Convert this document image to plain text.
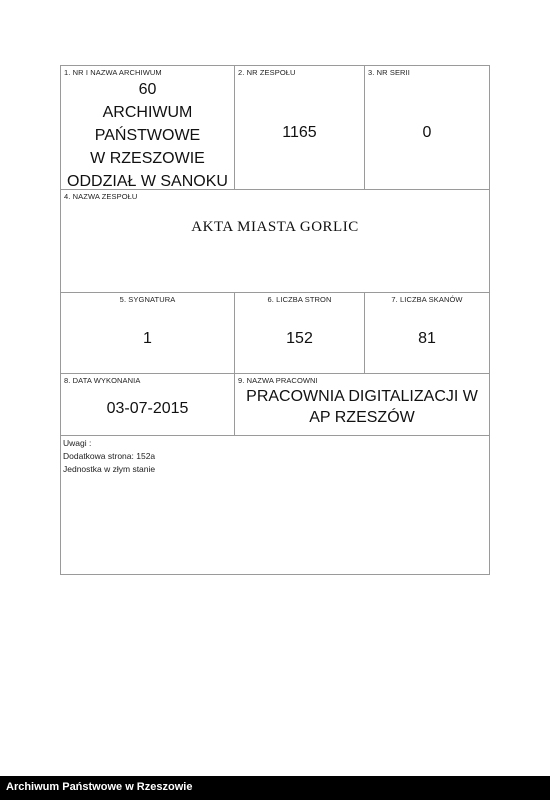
1. NR I NAZWA ARCHIWUM
60
ARCHIWUM
PAŃSTWOWE
W RZESZOWIE
ODDZIAŁ W SANOKU
2. NR ZESPOŁU
1165
3. NR SERII
0
4. NAZWA ZESPOŁU
AKTA MIASTA GORLIC
5. SYGNATURA
1
6. LICZBA STRON
152
7. LICZBA SKANÓW
81
8. DATA WYKONANIA
03-07-2015
9. NAZWA PRACOWNI
PRACOWNIA DIGITALIZACJI W
AP RZESZÓW
Uwagi :
Dodatkowa strona: 152a
Jednostka w złym stanie
Archiwum Państwowe w Rzeszowie
